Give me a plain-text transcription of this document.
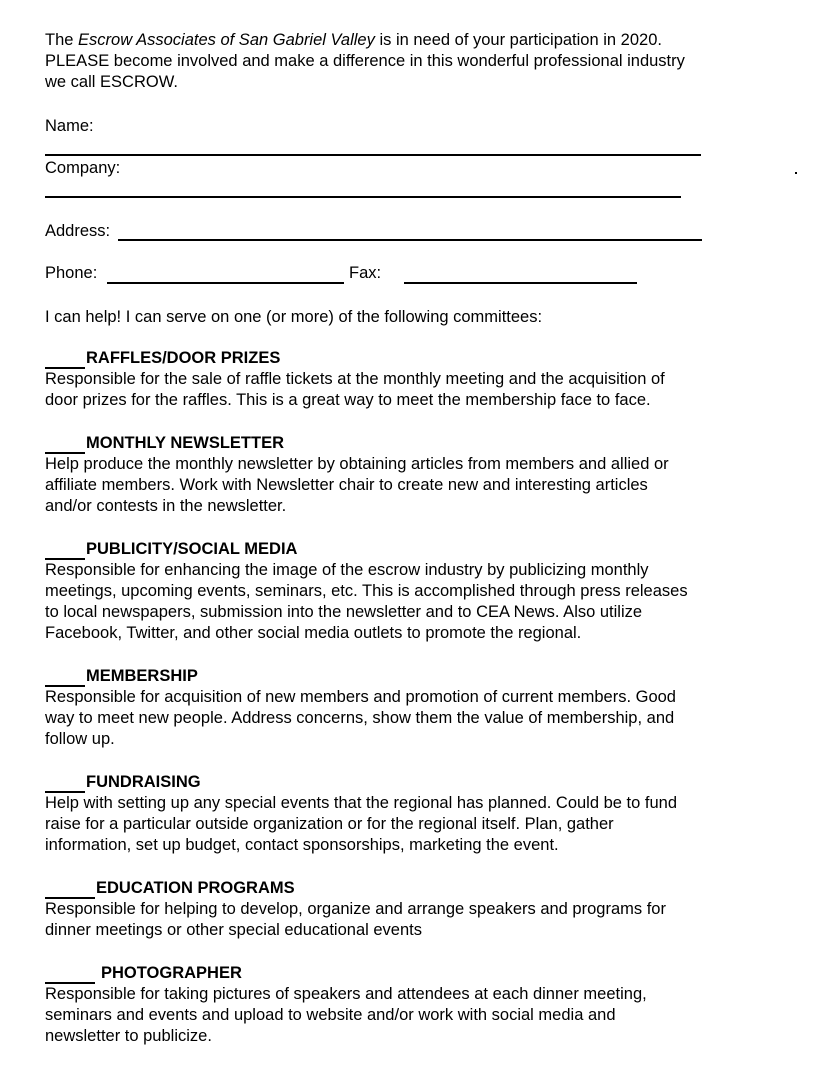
The Escrow Associates of San Gabriel Valley is in need of your participation in 2020.

PLEASE become involved and make a difference in this wonderful professional industry

we call ESCROW.

Name:
Company:
Address:
Phone:	Fax:
I can help! I can serve on one (or more) of the following committees:
RAFFLES/DOOR PRIZES

Responsible for the sale of raffle tickets at the monthly meeting and the acquisition of
door prizes for the raffles. This is a great way to meet the membership face to face.

MONTHLY NEWSLETTER

Help produce the monthly newsletter by obtaining articles from members and allied or
affiliate members. Work with Newsletter chair to create new and interesting articles
and/or contests in the newsletter.

PUBLICITY/SOCIAL MEDIA

Responsible for enhancing the image of the escrow industry by publicizing monthly
meetings, upcoming events, seminars, etc. This is accomplished through press releases
to local newspapers, submission into the newsletter and to CEA News. Also utilize
Facebook, Twitter, and other social media outlets to promote the regional.

MEMBERSHIP

Responsible for acquisition of new members and promotion of current members. Good
way to meet new people. Address concerns, show them the value of membership, and
follow up.

FUNDRAISING

Help with setting up any special events that the regional has planned. Could be to fund
raise for a particular outside organization or for the regional itself. Plan, gather
information, set up budget, contact sponsorships, marketing the event.

EDUCATION PROGRAMS

Responsible for helping to develop, organize and arrange speakers and programs for
dinner meetings or other special educational events

PHOTOGRAPHER

Responsible for taking pictures of speakers and attendees at each dinner meeting,
seminars and events and upload to website and/or work with social media and
newsletter to publicize.
